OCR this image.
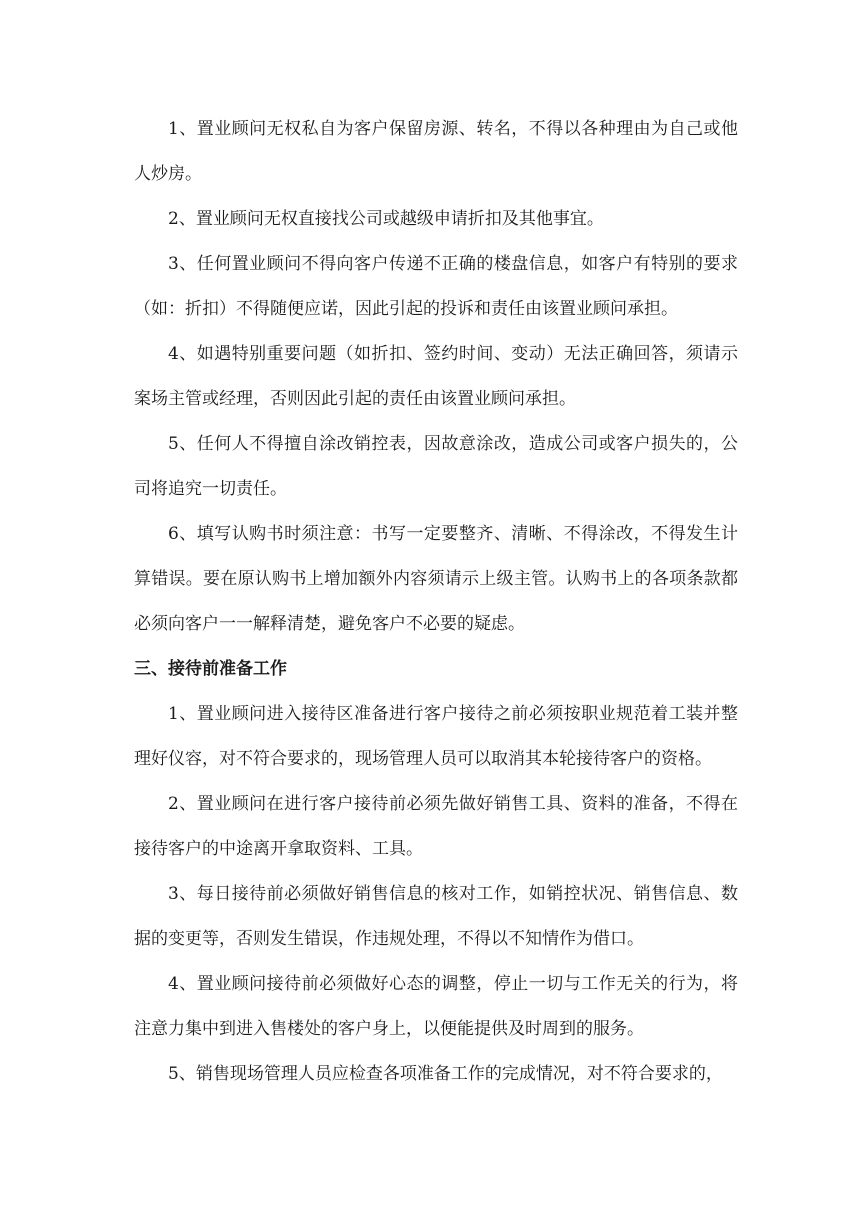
1、置业顾问无权私自为客户保留房源、转名，不得以各种理由为自己或他人炒房。

2、置业顾问无权直接找公司或越级申请折扣及其他事宜。

3、任何置业顾问不得向客户传递不正确的楼盘信息，如客户有特别的要求（如：折扣）不得随便应诺，因此引起的投诉和责任由该置业顾问承担。

4、如遇特别重要问题（如折扣、签约时间、变动）无法正确回答，须请示案场主管或经理，否则因此引起的责任由该置业顾问承担。

5、任何人不得擅自涂改销控表，因故意涂改，造成公司或客户损失的，公司将追究一切责任。

6、填写认购书时须注意：书写一定要整齐、清晰、不得涂改，不得发生计算错误。要在原认购书上增加额外内容须请示上级主管。认购书上的各项条款都必须向客户一一解释清楚，避免客户不必要的疑虑。

三、接待前准备工作

1、置业顾问进入接待区准备进行客户接待之前必须按职业规范着工装并整理好仪容，对不符合要求的，现场管理人员可以取消其本轮接待客户的资格。

2、置业顾问在进行客户接待前必须先做好销售工具、资料的准备，不得在接待客户的中途离开拿取资料、工具。

3、每日接待前必须做好销售信息的核对工作，如销控状况、销售信息、数据的变更等，否则发生错误，作违规处理，不得以不知情作为借口。

4、置业顾问接待前必须做好心态的调整，停止一切与工作无关的行为，将注意力集中到进入售楼处的客户身上，以便能提供及时周到的服务。

5、销售现场管理人员应检查各项准备工作的完成情况，对不符合要求的，
